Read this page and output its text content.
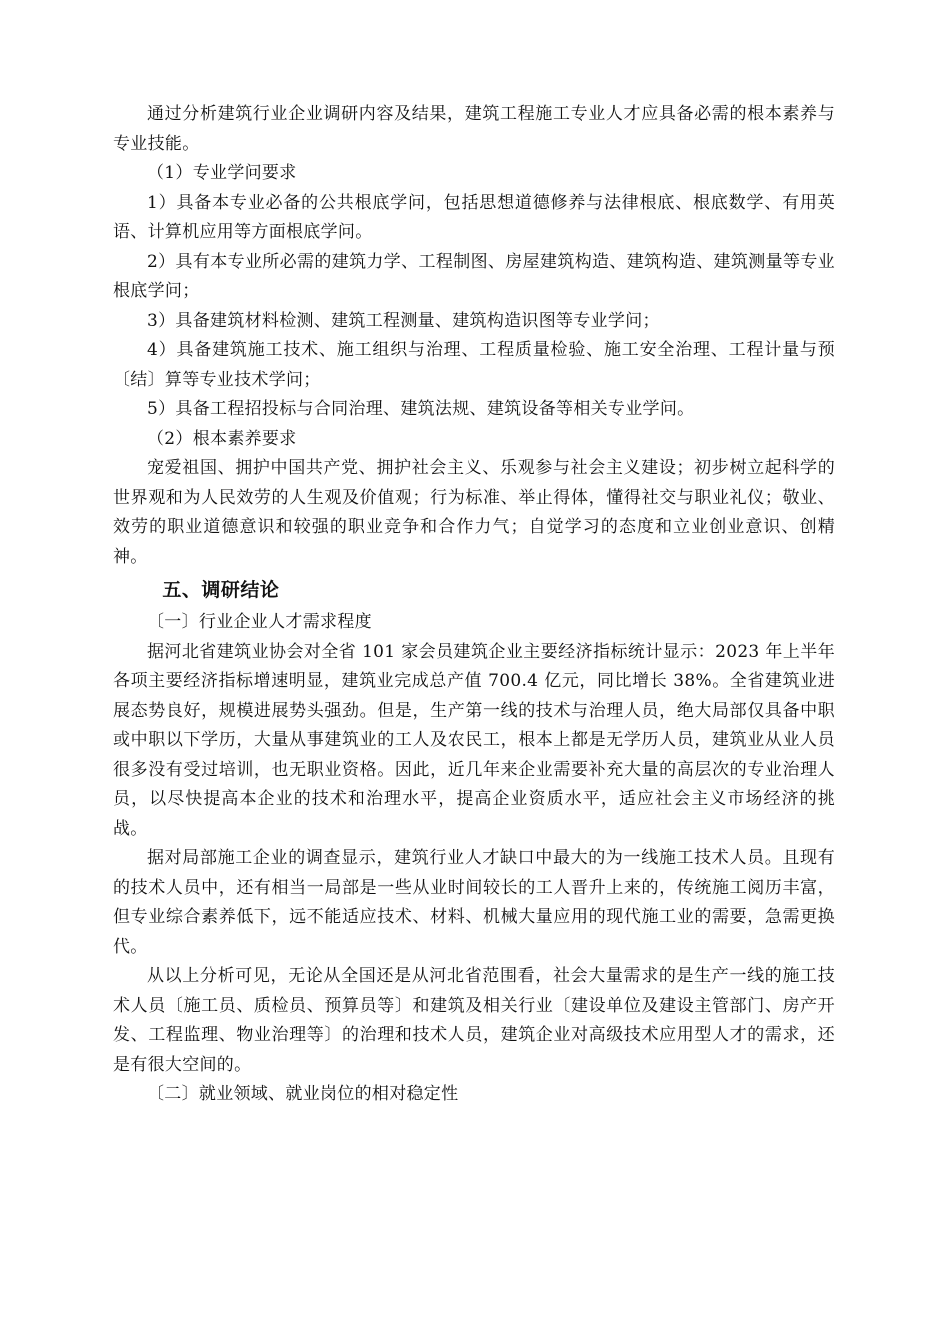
通过分析建筑行业企业调研内容及结果，建筑工程施工专业人才应具备必需的根本素养与专业技能。

（1）专业学问要求

1）具备本专业必备的公共根底学问，包括思想道德修养与法律根底、根底数学、有用英语、计算机应用等方面根底学问。

2）具有本专业所必需的建筑力学、工程制图、房屋建筑构造、建筑构造、建筑测量等专业根底学问；

3）具备建筑材料检测、建筑工程测量、建筑构造识图等专业学问；

4）具备建筑施工技术、施工组织与治理、工程质量检验、施工安全治理、工程计量与预〔结〕算等专业技术学问；

5）具备工程招投标与合同治理、建筑法规、建筑设备等相关专业学问。

（2）根本素养要求

宠爱祖国、拥护中国共产党、拥护社会主义、乐观参与社会主义建设；初步树立起科学的世界观和为人民效劳的人生观及价值观；行为标准、举止得体，懂得社交与职业礼仪；敬业、效劳的职业道德意识和较强的职业竞争和合作力气；自觉学习的态度和立业创业意识、创精神。

五、调研结论

〔一〕行业企业人才需求程度

据河北省建筑业协会对全省 101 家会员建筑企业主要经济指标统计显示：2023 年上半年各项主要经济指标增速明显，建筑业完成总产值 700.4 亿元，同比增长 38%。全省建筑业进展态势良好，规模进展势头强劲。但是，生产第一线的技术与治理人员，绝大局部仅具备中职或中职以下学历，大量从事建筑业的工人及农民工，根本上都是无学历人员，建筑业从业人员很多没有受过培训，也无职业资格。因此，近几年来企业需要补充大量的高层次的专业治理人员，以尽快提高本企业的技术和治理水平，提高企业资质水平，适应社会主义市场经济的挑战。

据对局部施工企业的调查显示，建筑行业人才缺口中最大的为一线施工技术人员。且现有的技术人员中，还有相当一局部是一些从业时间较长的工人晋升上来的，传统施工阅历丰富，但专业综合素养低下，远不能适应技术、材料、机械大量应用的现代施工业的需要，急需更换代。

从以上分析可见，无论从全国还是从河北省范围看，社会大量需求的是生产一线的施工技术人员〔施工员、质检员、预算员等〕和建筑及相关行业〔建设单位及建设主管部门、房产开发、工程监理、物业治理等〕的治理和技术人员，建筑企业对高级技术应用型人才的需求，还是有很大空间的。

〔二〕就业领域、就业岗位的相对稳定性
